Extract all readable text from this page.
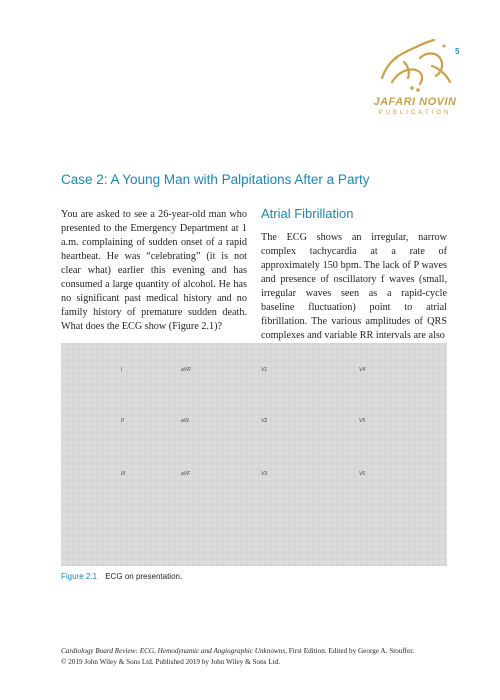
5
JAFARI NOVIN
PUBLICATION
Case 2: A Young Man with Palpitations After a Party

You are asked to see a 26-year-old man who presented to the Emergency Department at 1 a.m. complaining of sudden onset of a rapid heartbeat. He was “celebrating” (it is not clear what) earlier this evening and has consumed a large quantity of alcohol. He has no significant past medical history and no family history of premature sudden death. What does the ECG show (Figure 2.1)?

Atrial Fibrillation

The ECG shows an irregular, narrow complex tachycardia at a rate of approximately 150 bpm. The lack of P waves and presence of oscillatory f waves (small, irregular waves seen as a rapid-cycle baseline fluctuation) point to atrial fibrillation. The various amplitudes of QRS complexes and variable RR intervals are also

I	aVR	V1	V4
II	aVL	V2	V5
III	aVF	V3	V6
Figure 2.1 ECG on presentation.
Cardiology Board Review: ECG, Hemodynamic and Angiographic Unknowns, First Edition. Edited by George A. Stouffer.
© 2019 John Wiley & Sons Ltd. Published 2019 by John Wiley & Sons Ltd.
